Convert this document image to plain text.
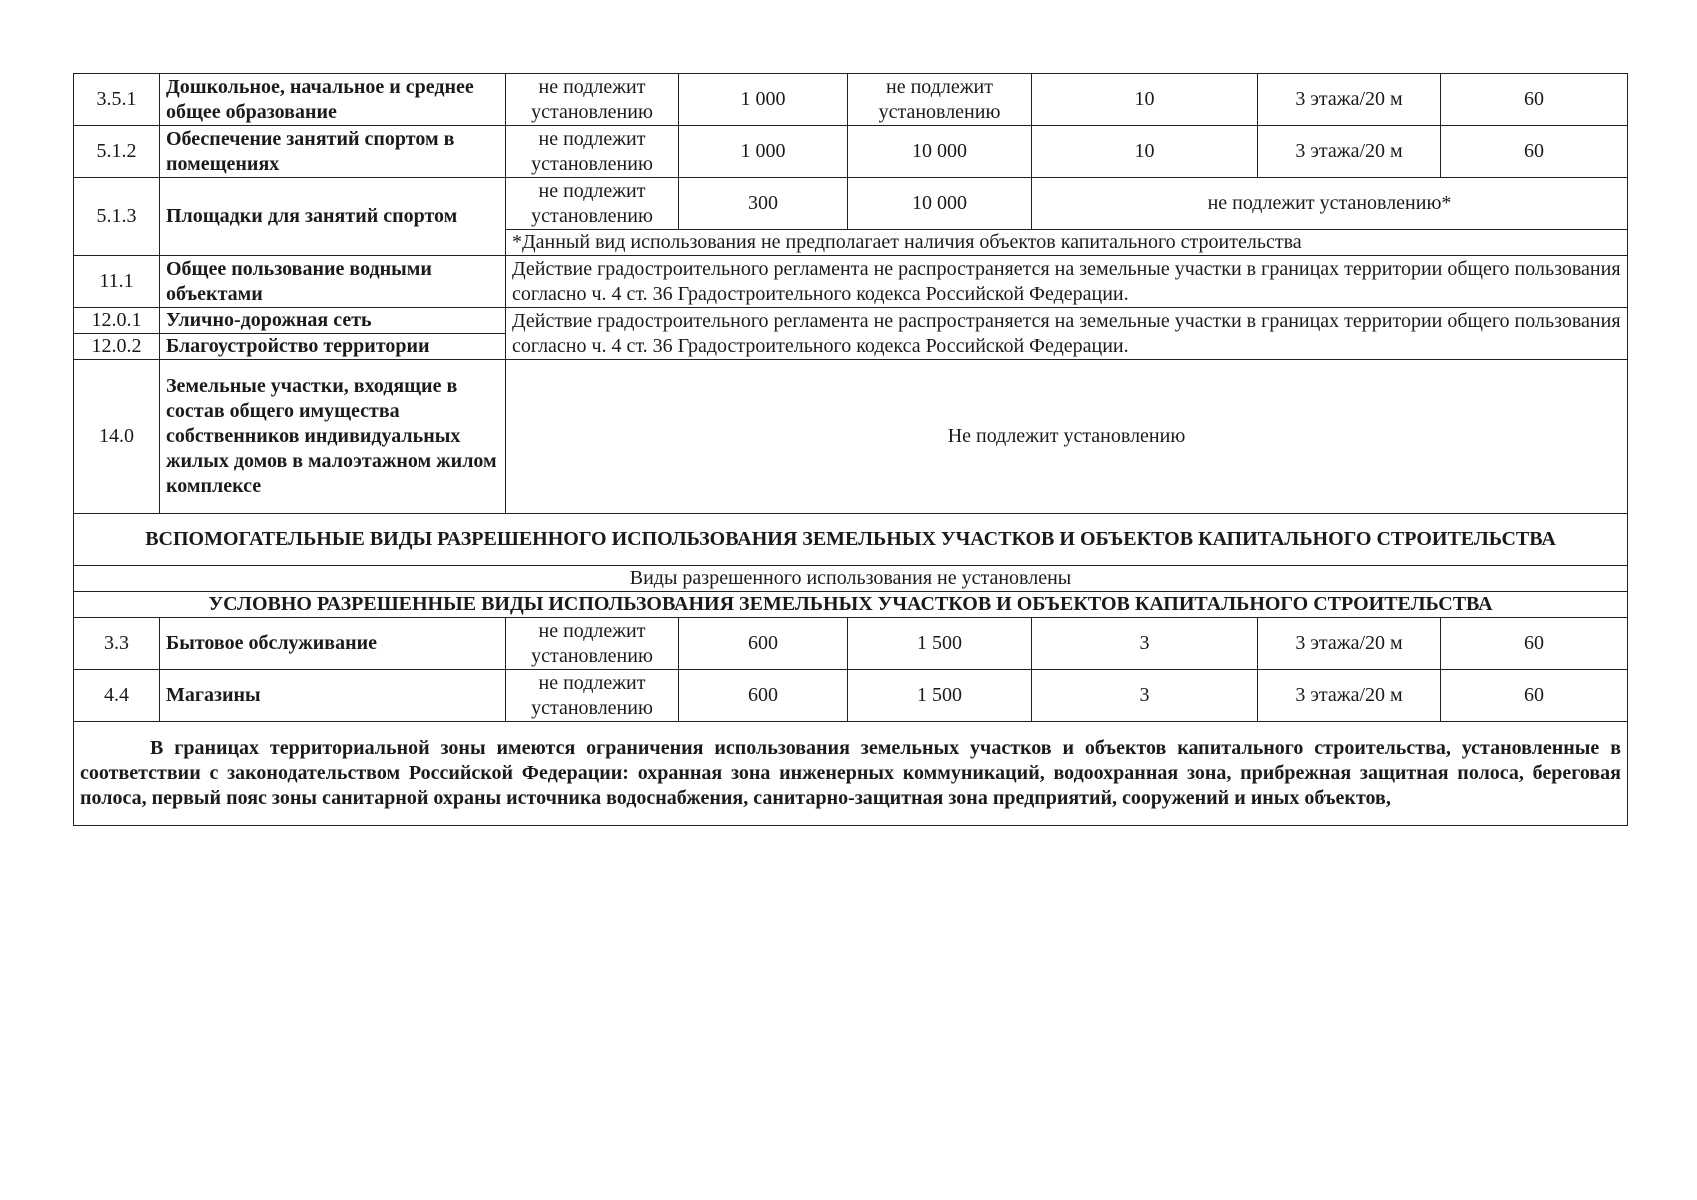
3.5.1	Дошкольное, начальное и среднее общее образование	не подлежит установлению	1 000	не подлежит установлению	10	3 этажа/20 м	60
5.1.2	Обеспечение занятий спортом в помещениях	не подлежит установлению	1 000	10 000	10	3 этажа/20 м	60
5.1.3	Площадки для занятий спортом	не подлежит установлению	300	10 000	не подлежит установлению*		
		*Данный вид использования не предполагает наличия объектов капитального строительства					
11.1	Общее пользование водными объектами	Действие градостроительного регламента не распространяется на земельные участки в границах территории общего пользования согласно ч. 4 ст. 36 Градостроительного кодекса Российской Федерации.					
12.0.1	Улично-дорожная сеть	Действие градостроительного регламента не распространяется на земельные участки в границах территории общего пользования согласно ч. 4 ст. 36 Градостроительного кодекса Российской Федерации.					
12.0.2	Благоустройство территории						
14.0	Земельные участки, входящие в состав общего имущества собственников индивидуальных жилых домов в малоэтажном жилом комплексе	Не подлежит установлению					
ВСПОМОГАТЕЛЬНЫЕ ВИДЫ РАЗРЕШЕННОГО ИСПОЛЬЗОВАНИЯ ЗЕМЕЛЬНЫХ УЧАСТКОВ И ОБЪЕКТОВ КАПИТАЛЬНОГО СТРОИТЕЛЬСТВА							
Виды разрешенного использования не установлены							
УСЛОВНО РАЗРЕШЕННЫЕ ВИДЫ ИСПОЛЬЗОВАНИЯ ЗЕМЕЛЬНЫХ УЧАСТКОВ И ОБЪЕКТОВ КАПИТАЛЬНОГО СТРОИТЕЛЬСТВА							
3.3	Бытовое обслуживание	не подлежит установлению	600	1 500	3	3 этажа/20 м	60
4.4	Магазины	не подлежит установлению	600	1 500	3	3 этажа/20 м	60
В границах территориальной зоны имеются ограничения использования земельных участков и объектов капитального строительства, установленные в соответствии с законодательством Российской Федерации: охранная зона инженерных коммуникаций, водоохранная зона, прибрежная защитная полоса, береговая полоса, первый пояс зоны санитарной охраны источника водоснабжения, санитарно-защитная зона предприятий, сооружений и иных объектов,							
